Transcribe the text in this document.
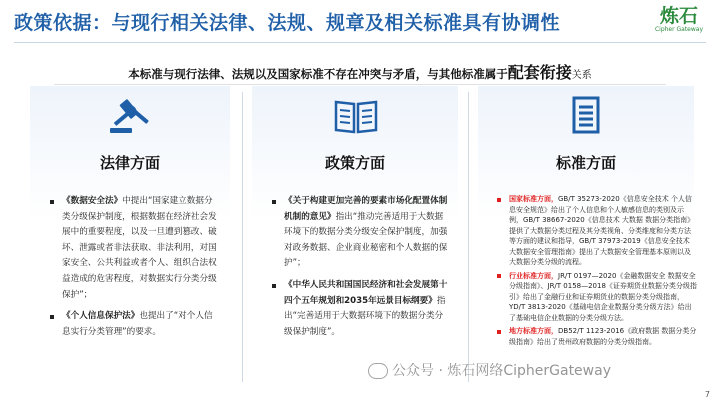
政策依据：与现行相关法律、法规、规章及相关标准具有协调性	炼石
Cipher Gateway
本标准与现行法律、法规以及国家标准不存在冲突与矛盾，与其他标准属于配套衔接关系
法律方面	政策方面	标准方面
《数据安全法》中提出“国家建立数据分类分级保护制度，根据数据在经济社会发展中的重要程度，以及一旦遭到篡改、破坏、泄露或者非法获取、非法利用，对国家安全、公共利益或者个人、组织合法权益造成的危害程度，对数据实行分类分级保护”；
《个人信息保护法》也提出了“对个人信息实行分类管理”的要求。
《关于构建更加完善的要素市场化配置体制机制的意见》指出“推动完善适用于大数据环境下的数据分类分级安全保护制度，加强对政务数据、企业商业秘密和个人数据的保护”；
《中华人民共和国国民经济和社会发展第十四个五年规划和2035年远景目标纲要》指出“完善适用于大数据环境下的数据分类分级保护制度”。
国家标准方面，GB/T 35273-2020《信息安全技术 个人信息安全规范》给出了个人信息和个人敏感信息的类别及示例，GB/T 38667-2020《信息技术 大数据 数据分类指南》提供了大数据分类过程及其分类视角、分类维度和分类方法等方面的建议和指导，GB/T 37973-2019《信息安全技术 大数据安全管理指南》提出了大数据安全管理基本原则以及大数据分类分级的流程。
行业标准方面，JR/T 0197—2020《金融数据安全 数据安全分级指南》、JR/T 0158—2018《证券期货业数据分类分级指引》给出了金融行业和证券期货业的数据分类分级指南，YD/T 3813-2020《基础电信企业数据分类分级方法》给出了基础电信企业数据的分类分级方法。
地方标准方面，DB52/T 1123-2016《政府数据 数据分类分级指南》给出了贵州政府数据的分类分级指南。
公众号 · 炼石网络CipherGateway
7
